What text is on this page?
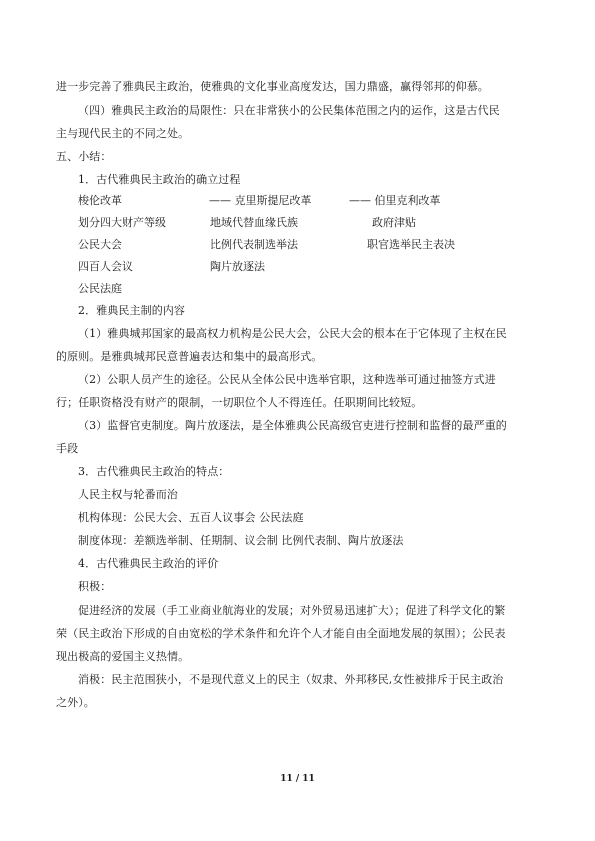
进一步完善了雅典民主政治，使雅典的文化事业高度发达，国力鼎盛，赢得邻邦的仰慕。
（四）雅典民主政治的局限性：只在非常狭小的公民集体范围之内的运作，这是古代民
主与现代民主的不同之处。
五、小结：
1．古代雅典民主政治的确立过程
梭伦改革	—— 克里斯提尼改革	—— 伯里克利改革
划分四大财产等级	地域代替血缘氏族	政府津贴
公民大会	比例代表制选举法	职官选举民主表决
四百人会议	陶片放逐法
公民法庭
2．雅典民主制的内容
（1）雅典城邦国家的最高权力机构是公民大会，公民大会的根本在于它体现了主权在民
的原则。是雅典城邦民意普遍表达和集中的最高形式。
（2）公职人员产生的途径。公民从全体公民中选举官职，这种选举可通过抽签方式进
行；任职资格没有财产的限制，一切职位个人不得连任。任职期间比较短。
（3）监督官吏制度。陶片放逐法，是全体雅典公民高级官吏进行控制和监督的最严重的
手段
3．古代雅典民主政治的特点：
人民主权与轮番而治
机构体现：公民大会、五百人议事会 公民法庭
制度体现：差额选举制、任期制、议会制 比例代表制、陶片放逐法
4．古代雅典民主政治的评价
积极：
促进经济的发展（手工业商业航海业的发展；对外贸易迅速扩大）；促进了科学文化的繁
荣（民主政治下形成的自由宽松的学术条件和允许个人才能自由全面地发展的氛围）；公民表
现出极高的爱国主义热情。
消极：民主范围狭小，不是现代意义上的民主（奴隶、外邦移民,女性被排斥于民主政治
之外）。
11 / 11
